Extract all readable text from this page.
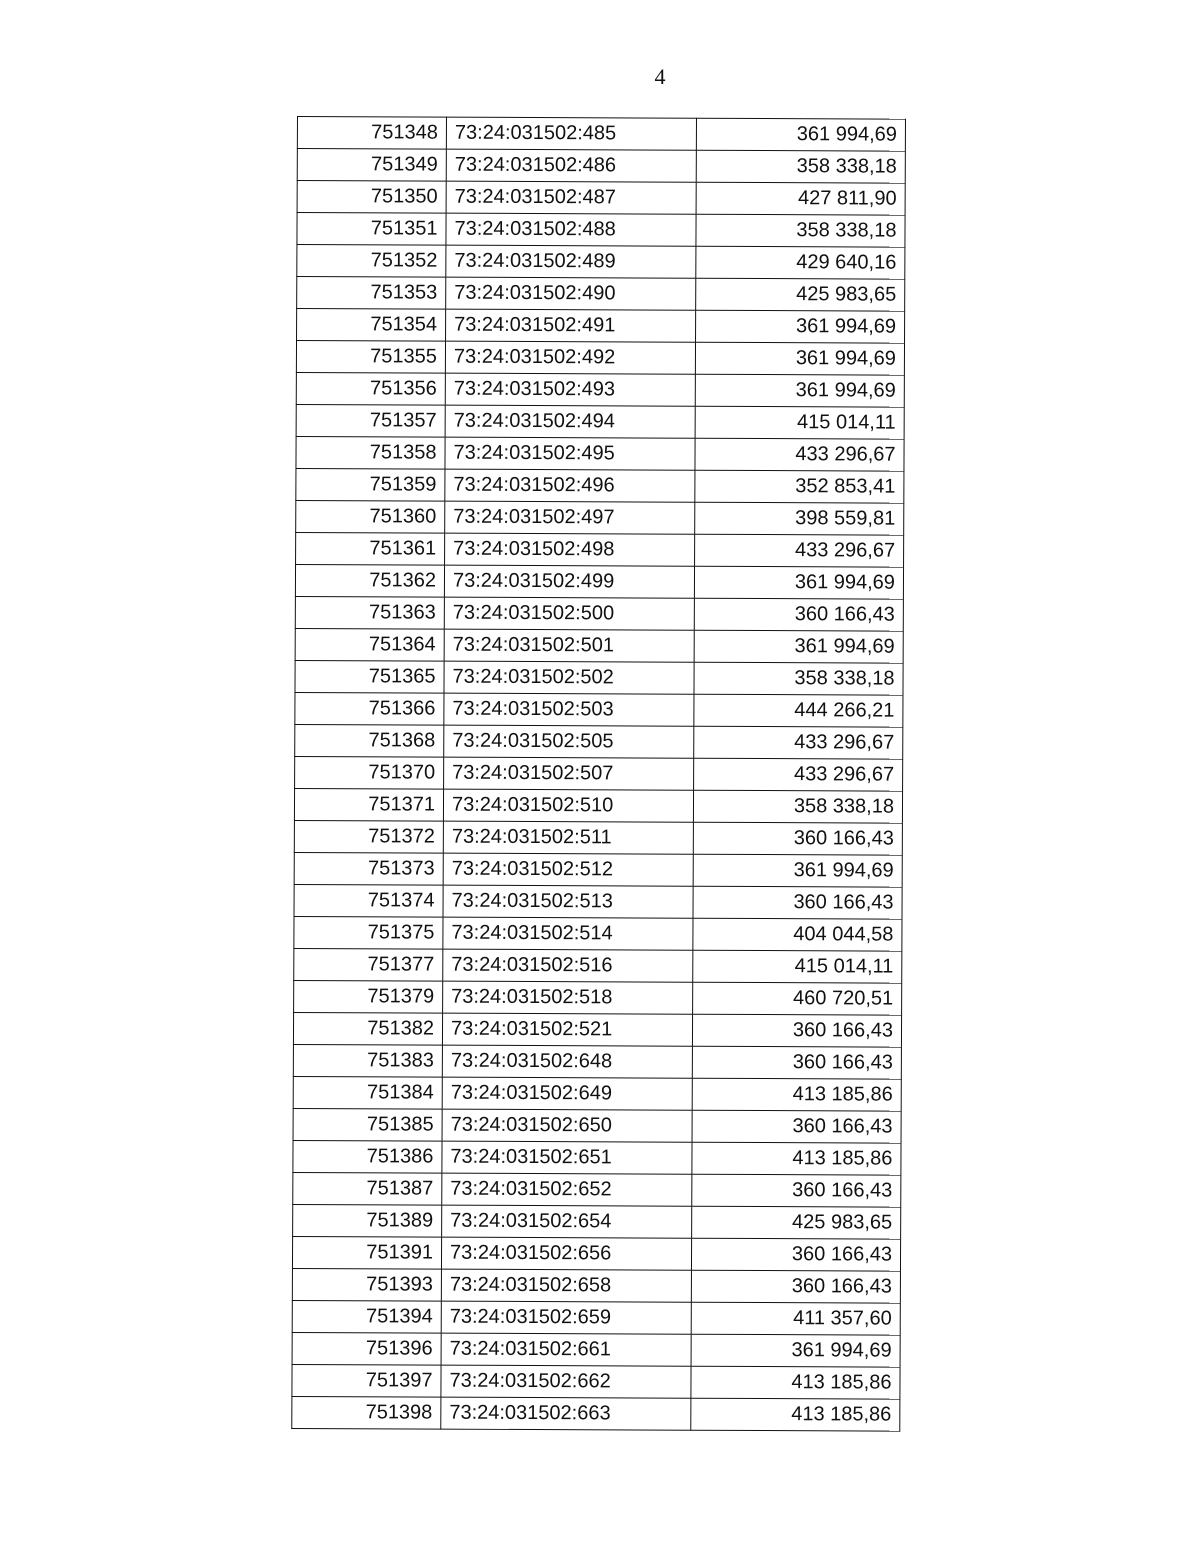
4
751348	73:24:031502:485	361 994,69
751349	73:24:031502:486	358 338,18
751350	73:24:031502:487	427 811,90
751351	73:24:031502:488	358 338,18
751352	73:24:031502:489	429 640,16
751353	73:24:031502:490	425 983,65
751354	73:24:031502:491	361 994,69
751355	73:24:031502:492	361 994,69
751356	73:24:031502:493	361 994,69
751357	73:24:031502:494	415 014,11
751358	73:24:031502:495	433 296,67
751359	73:24:031502:496	352 853,41
751360	73:24:031502:497	398 559,81
751361	73:24:031502:498	433 296,67
751362	73:24:031502:499	361 994,69
751363	73:24:031502:500	360 166,43
751364	73:24:031502:501	361 994,69
751365	73:24:031502:502	358 338,18
751366	73:24:031502:503	444 266,21
751368	73:24:031502:505	433 296,67
751370	73:24:031502:507	433 296,67
751371	73:24:031502:510	358 338,18
751372	73:24:031502:511	360 166,43
751373	73:24:031502:512	361 994,69
751374	73:24:031502:513	360 166,43
751375	73:24:031502:514	404 044,58
751377	73:24:031502:516	415 014,11
751379	73:24:031502:518	460 720,51
751382	73:24:031502:521	360 166,43
751383	73:24:031502:648	360 166,43
751384	73:24:031502:649	413 185,86
751385	73:24:031502:650	360 166,43
751386	73:24:031502:651	413 185,86
751387	73:24:031502:652	360 166,43
751389	73:24:031502:654	425 983,65
751391	73:24:031502:656	360 166,43
751393	73:24:031502:658	360 166,43
751394	73:24:031502:659	411 357,60
751396	73:24:031502:661	361 994,69
751397	73:24:031502:662	413 185,86
751398	73:24:031502:663	413 185,86
